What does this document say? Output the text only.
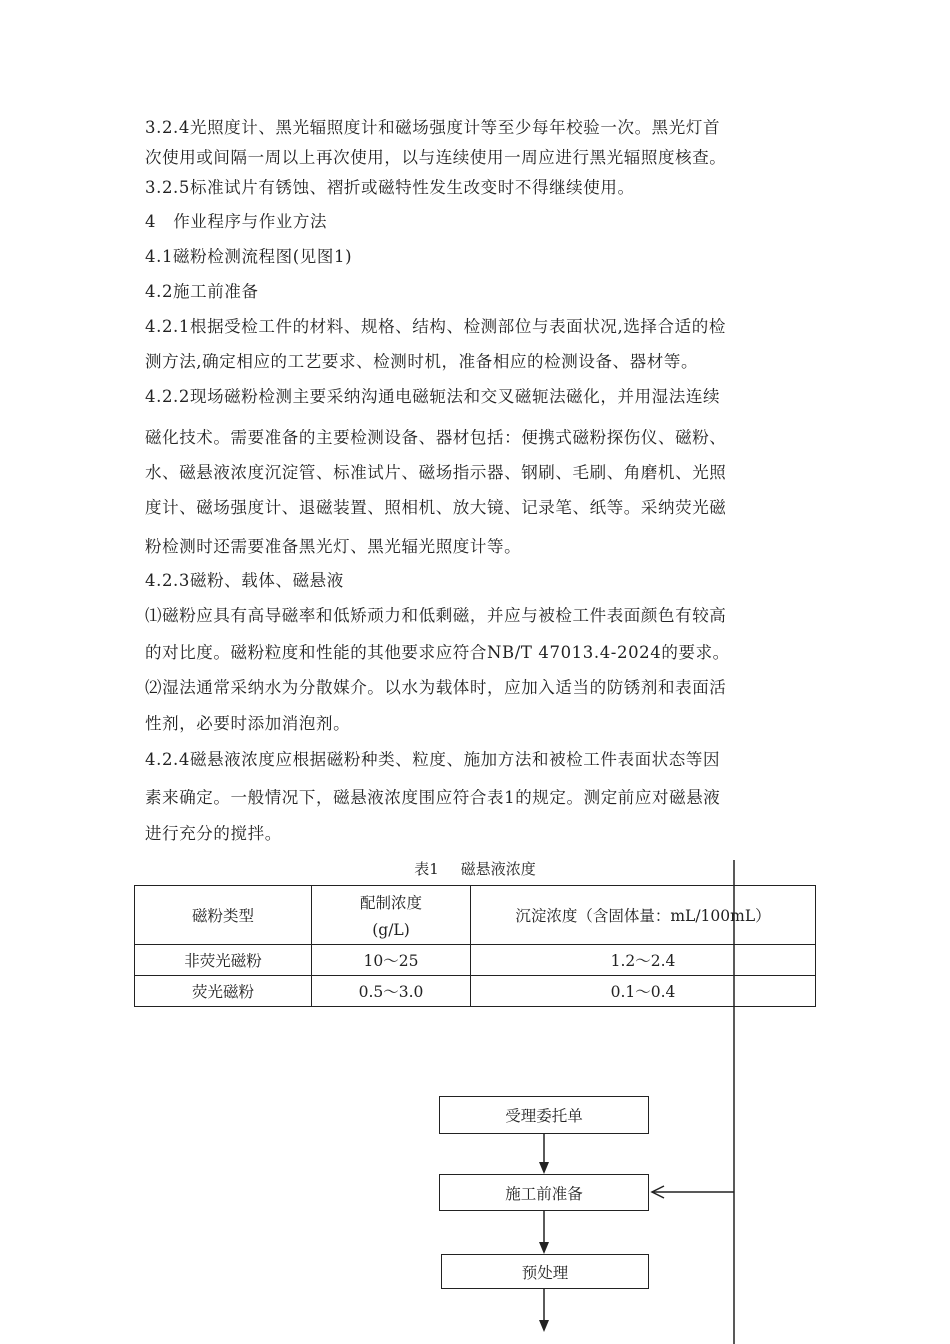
3.2.4光照度计、黑光辐照度计和磁场强度计等至少每年校验一次。黑光灯首
次使用或间隔一周以上再次使用，以与连续使用一周应进行黑光辐照度核查。
3.2.5标准试片有锈蚀、褶折或磁特性发生改变时不得继续使用。
4　作业程序与作业方法
4.1磁粉检测流程图(见图1)
4.2施工前准备
4.2.1根据受检工件的材料、规格、结构、检测部位与表面状况,选择合适的检
测方法,确定相应的工艺要求、检测时机，准备相应的检测设备、器材等。
4.2.2现场磁粉检测主要采纳沟通电磁轭法和交叉磁轭法磁化，并用湿法连续
磁化技术。需要准备的主要检测设备、器材包括：便携式磁粉探伤仪、磁粉、
水、磁悬液浓度沉淀管、标准试片、磁场指示器、钢刷、毛刷、角磨机、光照
度计、磁场强度计、退磁装置、照相机、放大镜、记录笔、纸等。采纳荧光磁
粉检测时还需要准备黑光灯、黑光辐光照度计等。
4.2.3磁粉、载体、磁悬液
⑴磁粉应具有高导磁率和低矫顽力和低剩磁，并应与被检工件表面颜色有较高
的对比度。磁粉粒度和性能的其他要求应符合NB/T 47013.4-2024的要求。
⑵湿法通常采纳水为分散媒介。以水为载体时，应加入适当的防锈剂和表面活
性剂，必要时添加消泡剂。
4.2.4磁悬液浓度应根据磁粉种类、粒度、施加方法和被检工件表面状态等因
素来确定。一般情况下，磁悬液浓度围应符合表1的规定。测定前应对磁悬液
进行充分的搅拌。
表1 磁悬液浓度
磁粉类型	配制浓度
(g/L)	沉淀浓度（含固体量：mL/100mL）
非荧光磁粉	10～25	1.2～2.4
荧光磁粉	0.5～3.0	0.1～0.4
受理委托单
施工前准备
预处理
